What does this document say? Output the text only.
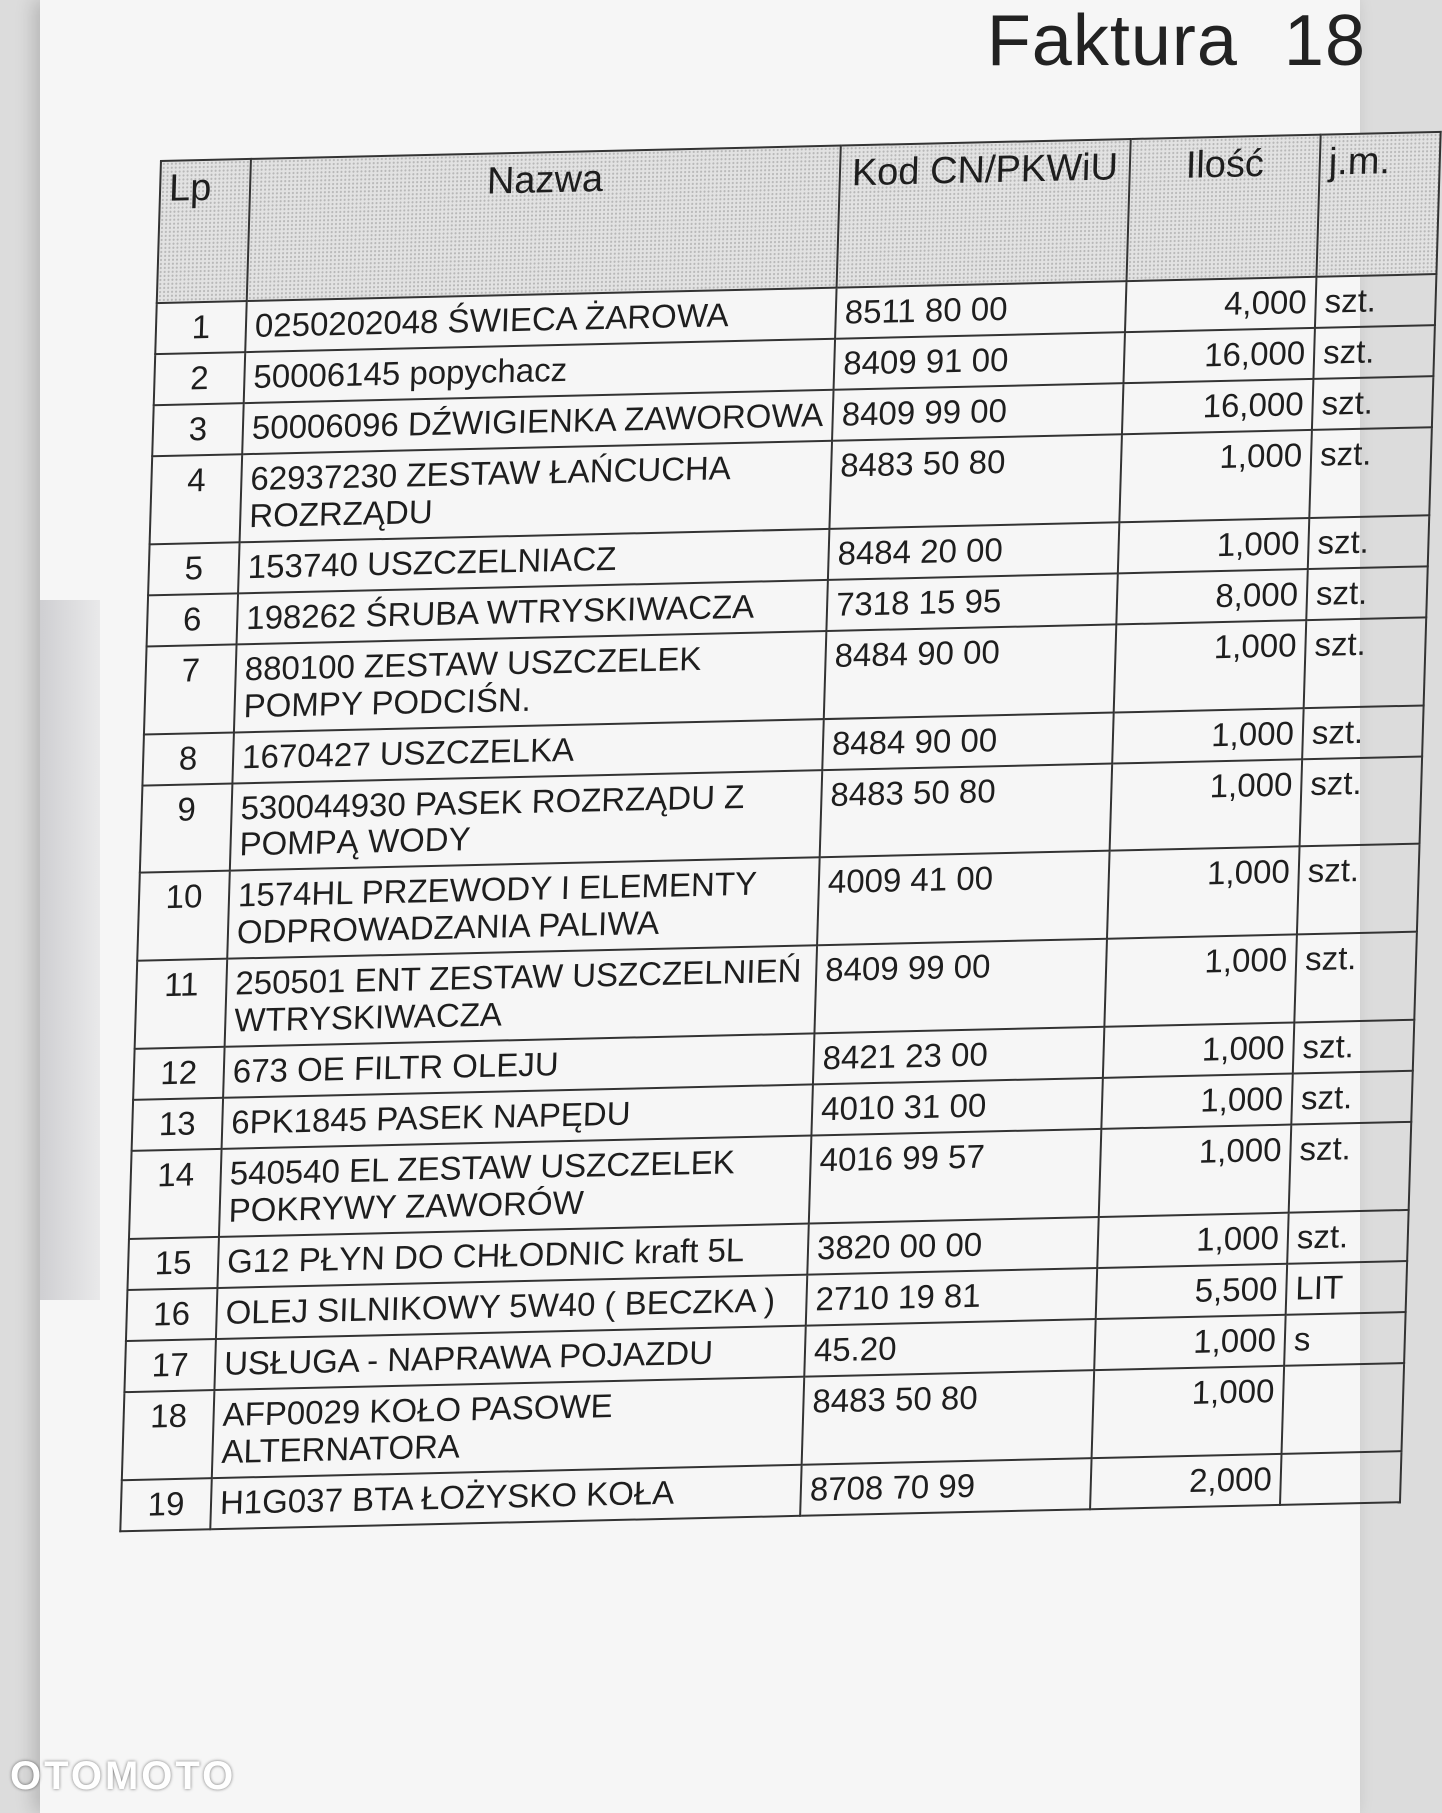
Faktura 18
Lp	Nazwa	Kod CN/PKWiU	Ilość	j.m.
1	0250202048 ŚWIECA ŻAROWA	8511 80 00	4,000	szt.
2	50006145 popychacz	8409 91 00	16,000	szt.
3	50006096 DŹWIGIENKA ZAWOROWA	8409 99 00	16,000	szt.
4	62937230 ZESTAW ŁAŃCUCHA ROZRZĄDU	8483 50 80	1,000	szt.
5	153740 USZCZELNIACZ	8484 20 00	1,000	szt.
6	198262 ŚRUBA WTRYSKIWACZA	7318 15 95	8,000	szt.
7	880100 ZESTAW USZCZELEK POMPY PODCIŚN.	8484 90 00	1,000	szt.
8	1670427 USZCZELKA	8484 90 00	1,000	szt.
9	530044930 PASEK ROZRZĄDU Z POMPĄ WODY	8483 50 80	1,000	szt.
10	1574HL PRZEWODY I ELEMENTY ODPROWADZANIA PALIWA	4009 41 00	1,000	szt.
11	250501 ENT ZESTAW USZCZELNIEŃ WTRYSKIWACZA	8409 99 00	1,000	szt.
12	673 OE FILTR OLEJU	8421 23 00	1,000	szt.
13	6PK1845 PASEK NAPĘDU	4010 31 00	1,000	szt.
14	540540 EL ZESTAW USZCZELEK POKRYWY ZAWORÓW	4016 99 57	1,000	szt.
15	G12 PŁYN DO CHŁODNIC kraft 5L	3820 00 00	1,000	szt.
16	OLEJ SILNIKOWY 5W40 ( BECZKA )	2710 19 81	5,500	LIT
17	USŁUGA - NAPRAWA POJAZDU	45.20	1,000	s
18	AFP0029 KOŁO PASOWE ALTERNATORA	8483 50 80	1,000	
19	H1G037 BTA ŁOŻYSKO KOŁA	8708 70 99	2,000	
OTOMOTO
